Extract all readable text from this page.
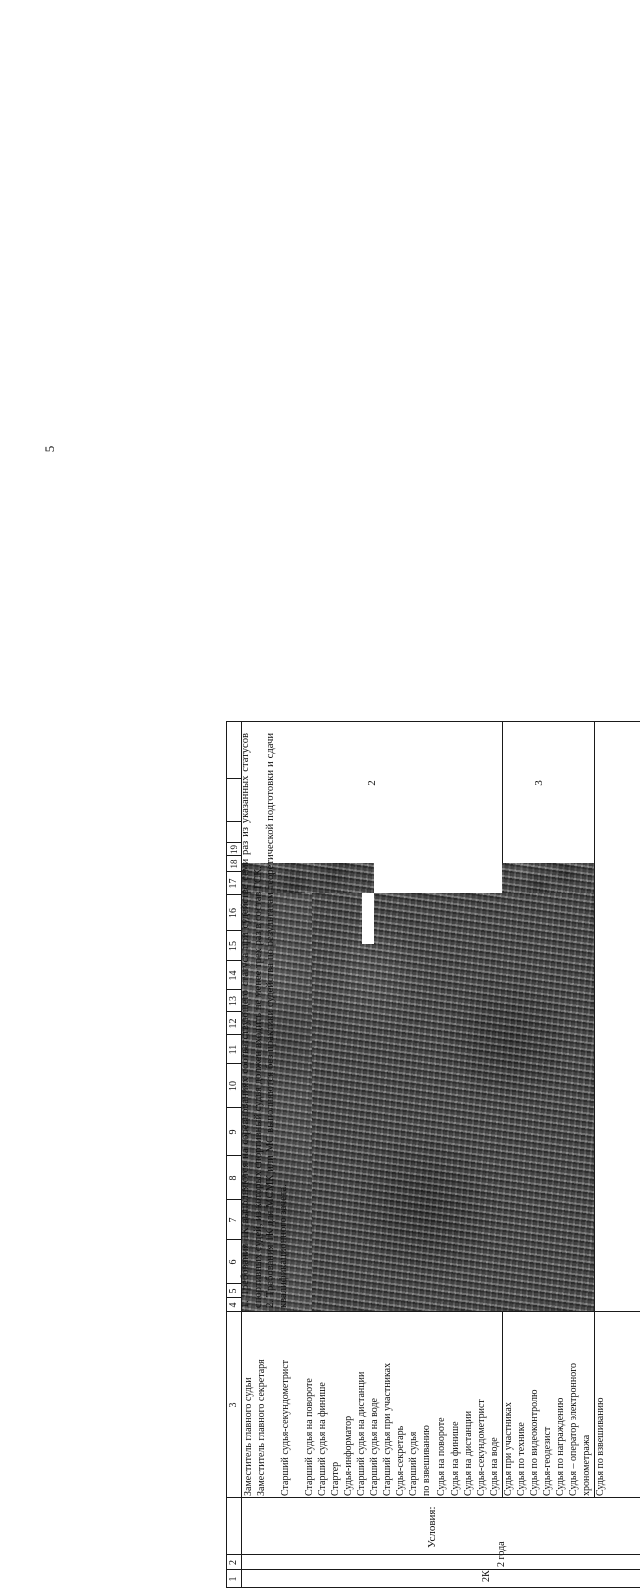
5
1
2
3
4
5
6
7
8
9
10
11
12
13
14
15
16
17
18
19
2К
2 года
Условия:
Заместитель главного судьи Заместитель главного секретаря Старший судья-секундометрист Старший судья на повороте Старший судья на финише Стартер Судья-информатор Старший судья на дистанции Старший судья на воде Старший судья при участниках Судья-секретарь Старший судья по взвешиванию Судья на повороте Судья на финише Судья на дистанции Судья-секундометрист Судья на воде Судья при участниках Судья по технике Судья по видеоконтролю Судья-геодезист Судья по награждению Судья – оператор электронного хронометража Судья по взвешиванию

1. Требования 1К выполняются на соревнованиях соответствующего статуса при судействе семи раз из указанных статусов спортивных судей, из которых спортивный судья должен входить не менее трех раз в состав ГСК. 2. Требования 1К для МСМК или МС выполняются без практики судейства по результатам теоретической подготовки и сдачи квалификационного зачета.

2	3
